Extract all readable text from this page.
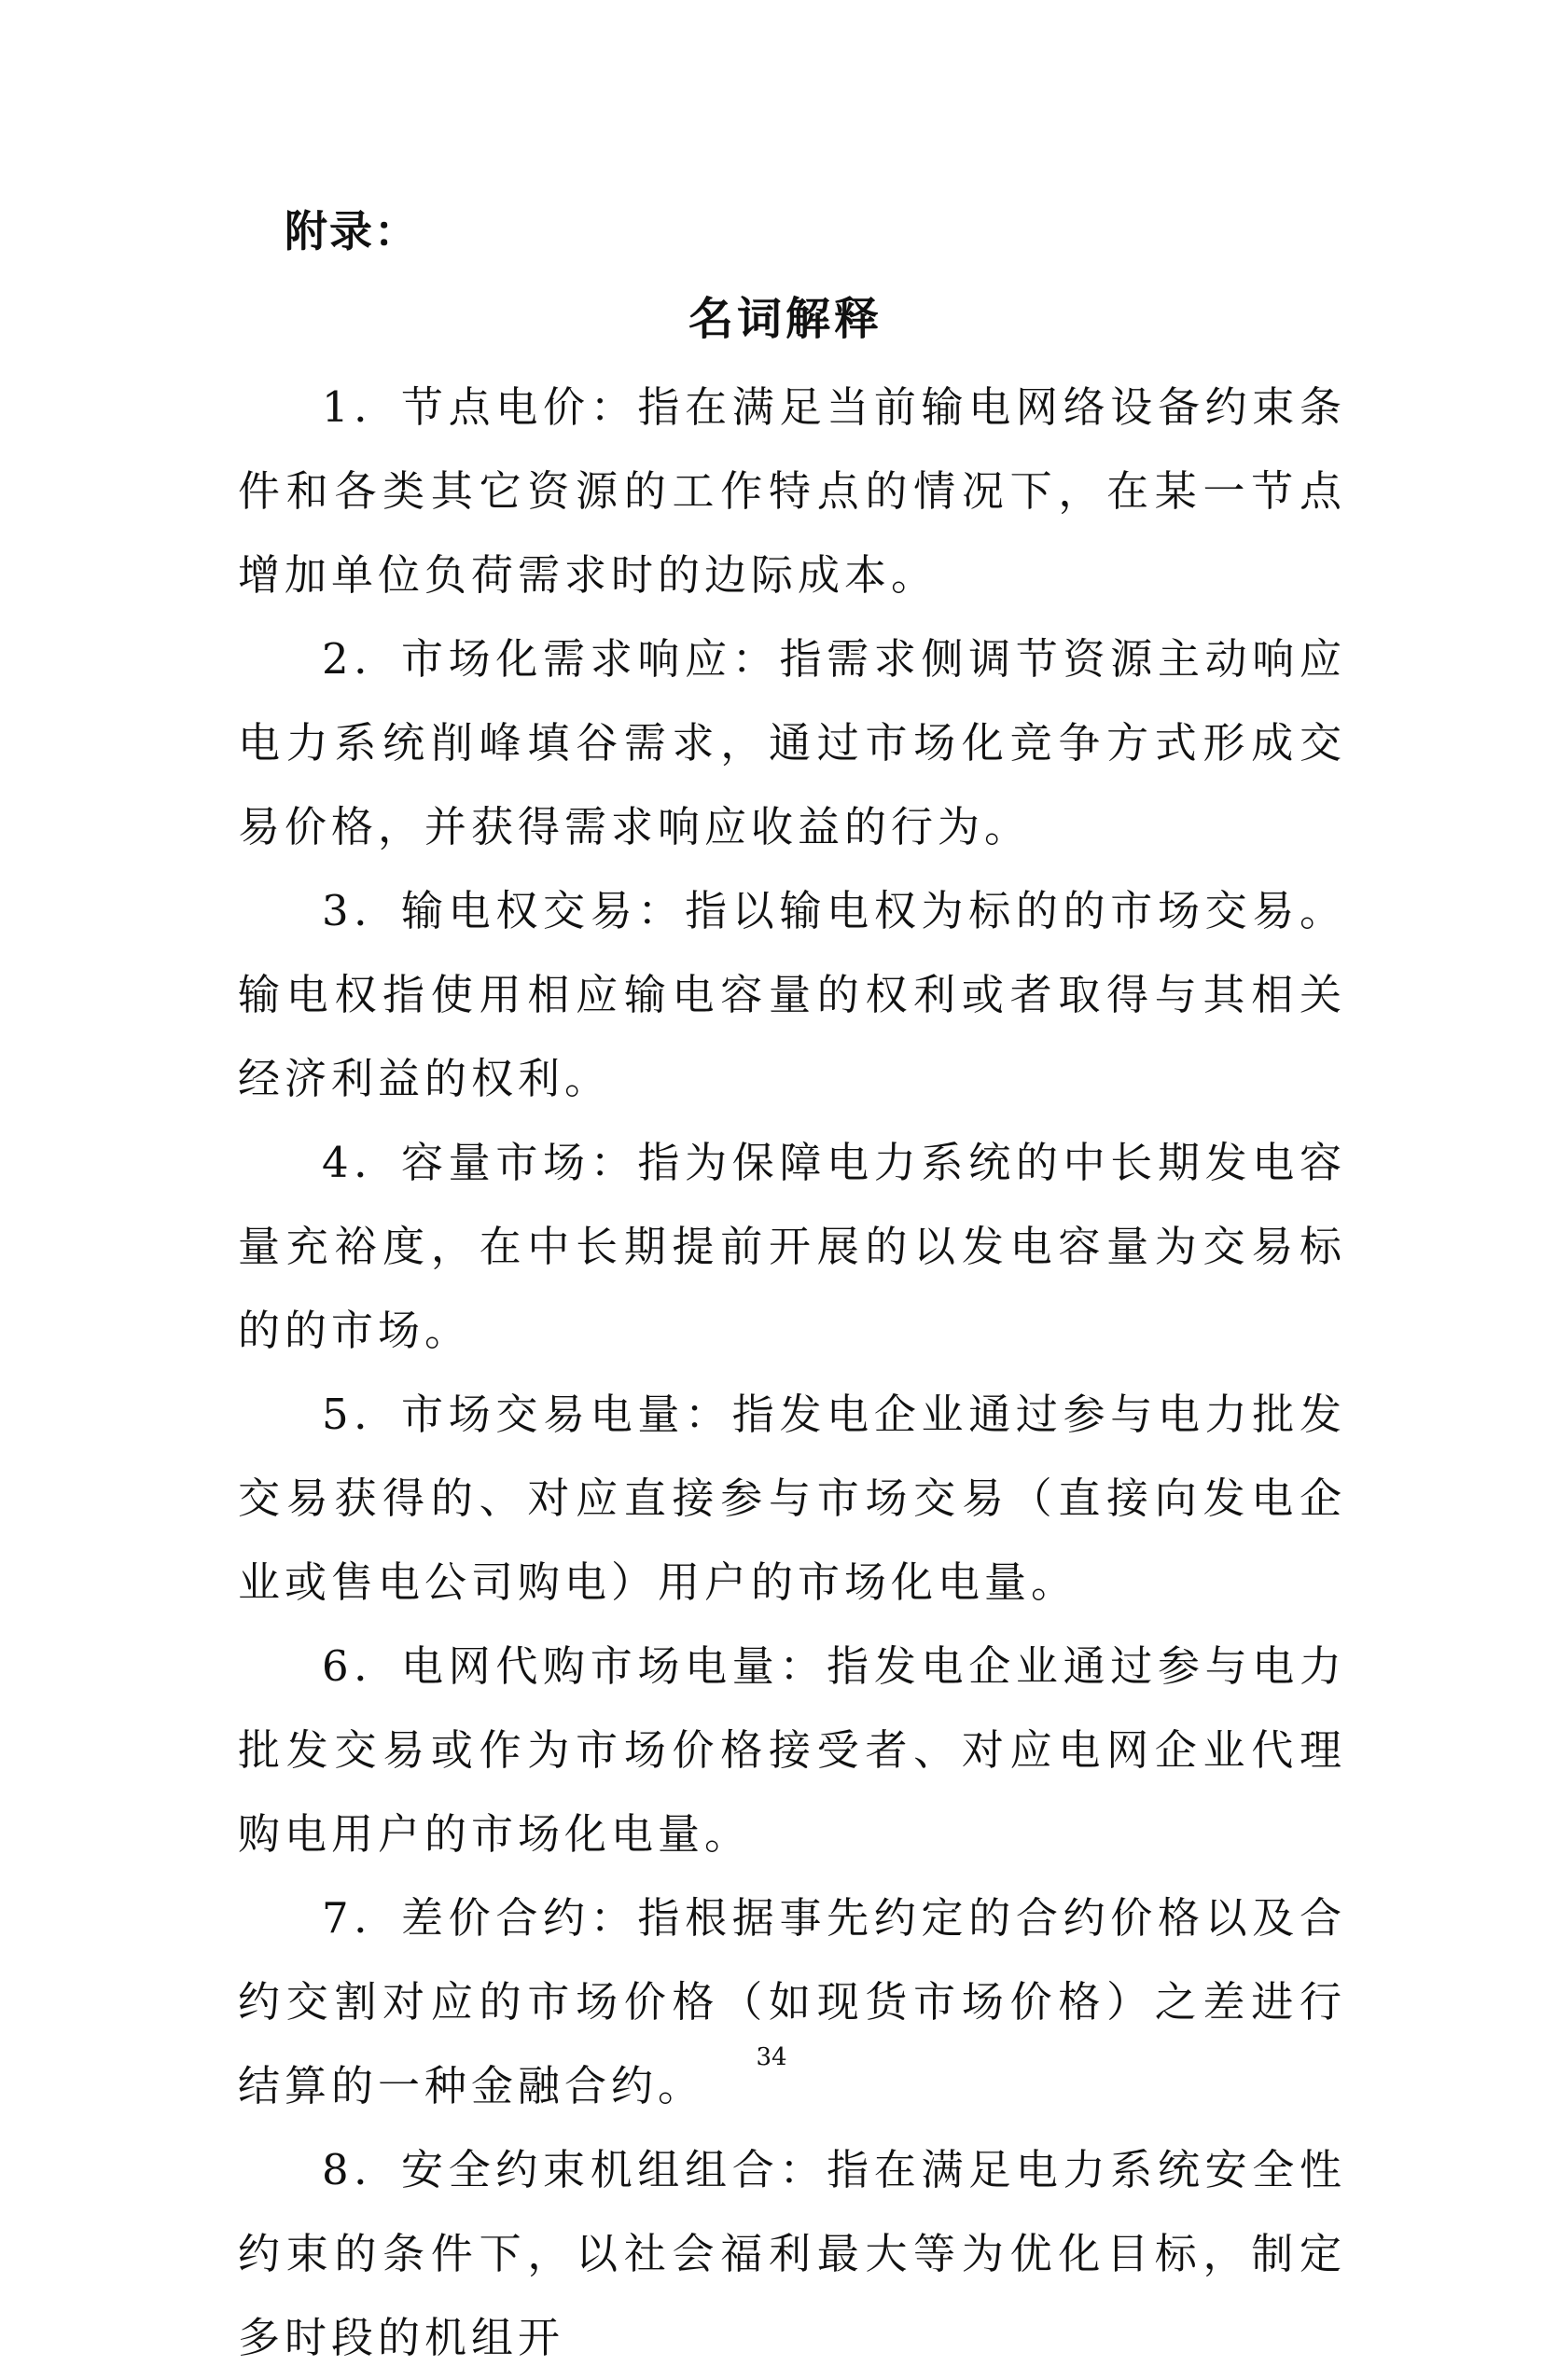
附录：
名词解释

1．节点电价：指在满足当前输电网络设备约束条件和各类其它资源的工作特点的情况下，在某一节点增加单位负荷需求时的边际成本。

2．市场化需求响应：指需求侧调节资源主动响应电力系统削峰填谷需求，通过市场化竞争方式形成交易价格，并获得需求响应收益的行为。

3．输电权交易：指以输电权为标的的市场交易。输电权指使用相应输电容量的权利或者取得与其相关经济利益的权利。

4．容量市场：指为保障电力系统的中长期发电容量充裕度，在中长期提前开展的以发电容量为交易标的的市场。

5．市场交易电量：指发电企业通过参与电力批发交易获得的、对应直接参与市场交易（直接向发电企业或售电公司购电）用户的市场化电量。

6．电网代购市场电量：指发电企业通过参与电力批发交易或作为市场价格接受者、对应电网企业代理购电用户的市场化电量。

7．差价合约：指根据事先约定的合约价格以及合约交割对应的市场价格（如现货市场价格）之差进行结算的一种金融合约。

8．安全约束机组组合：指在满足电力系统安全性约束的条件下，以社会福利最大等为优化目标，制定多时段的机组开

34
